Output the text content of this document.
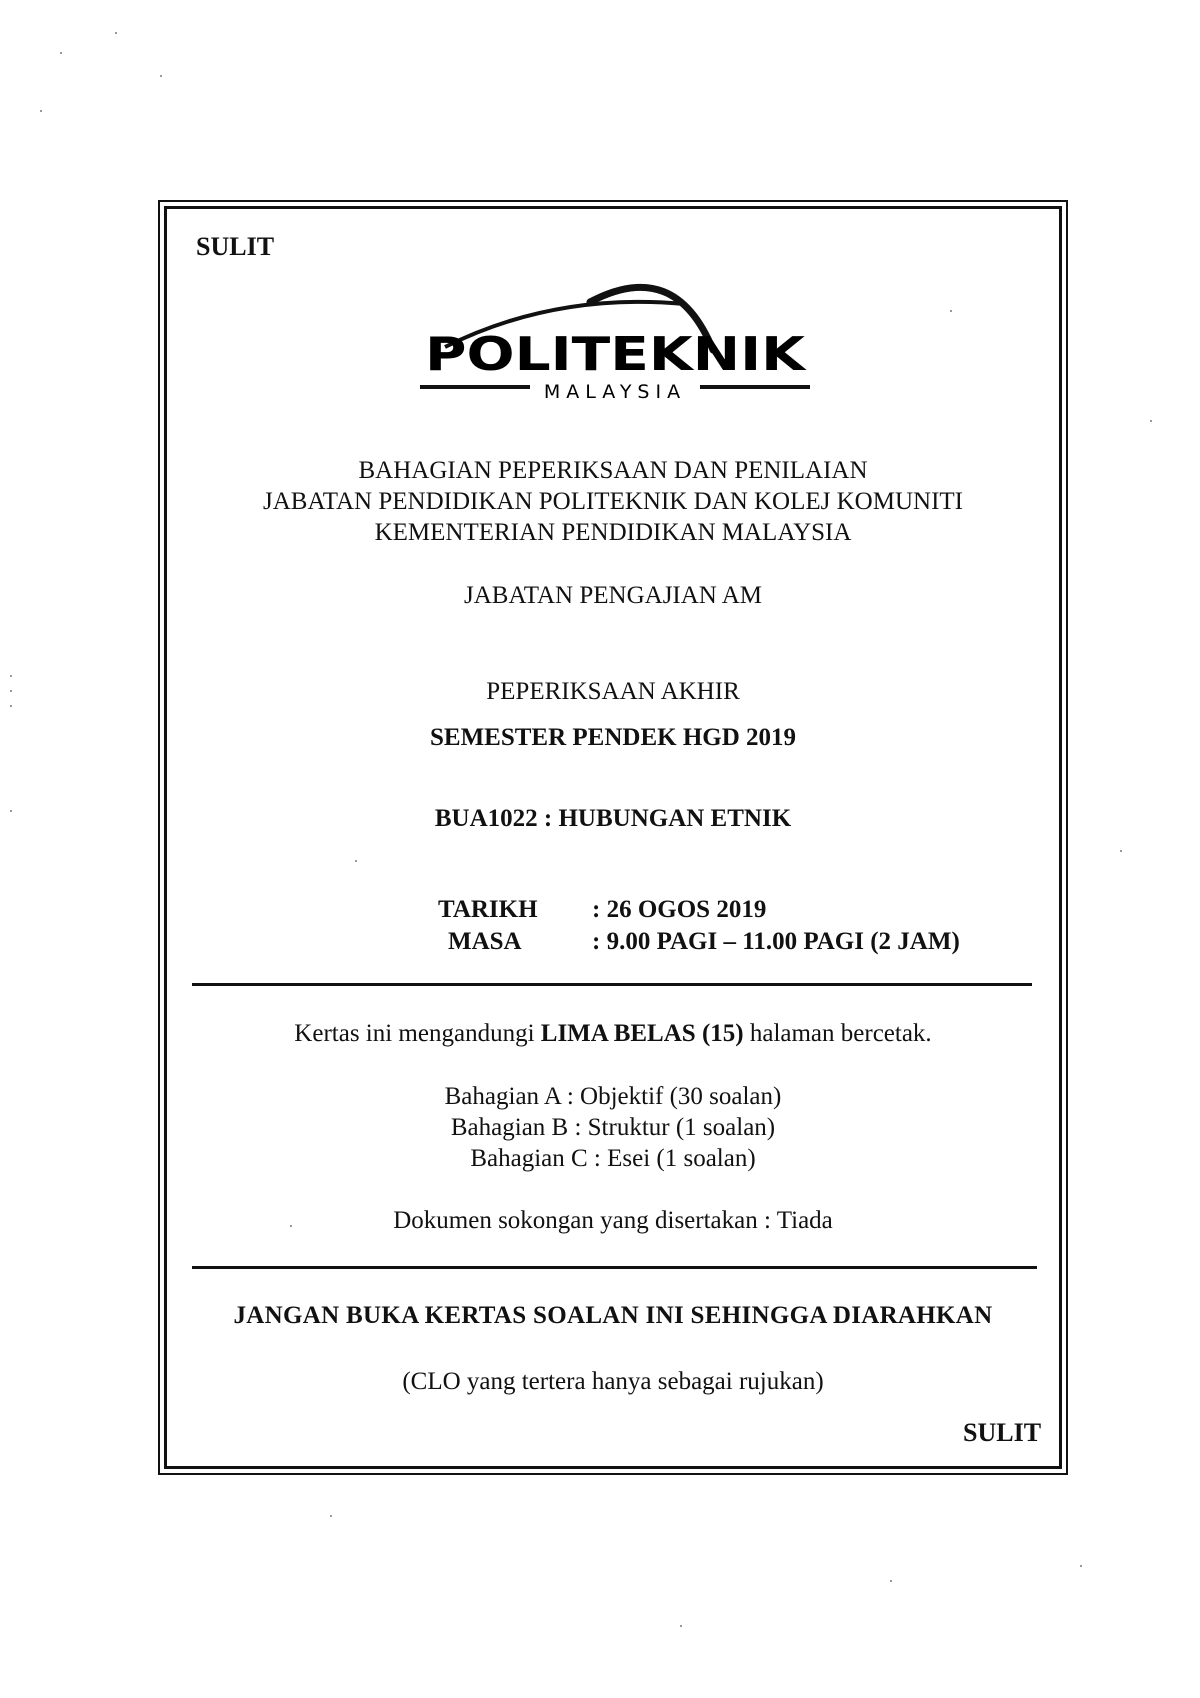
SULIT

POLITEKNIK
MALAYSIA

BAHAGIAN PEPERIKSAAN DAN PENILAIAN

JABATAN PENDIDIKAN POLITEKNIK DAN KOLEJ KOMUNITI

KEMENTERIAN PENDIDIKAN MALAYSIA

JABATAN PENGAJIAN AM

PEPERIKSAAN AKHIR

SEMESTER PENDEK HGD 2019

BUA1022 : HUBUNGAN ETNIK

TARIKH : 26 OGOS 2019

MASA	: 9.00 PAGI – 11.00 PAGI (2 JAM)

Kertas ini mengandungi LIMA BELAS (15) halaman bercetak.

Bahagian A : Objektif (30 soalan)

Bahagian B : Struktur (1 soalan)

Bahagian C : Esei (1 soalan)

Dokumen sokongan yang disertakan : Tiada

JANGAN BUKA KERTAS SOALAN INI SEHINGGA DIARAHKAN

(CLO yang tertera hanya sebagai rujukan)

SULIT
